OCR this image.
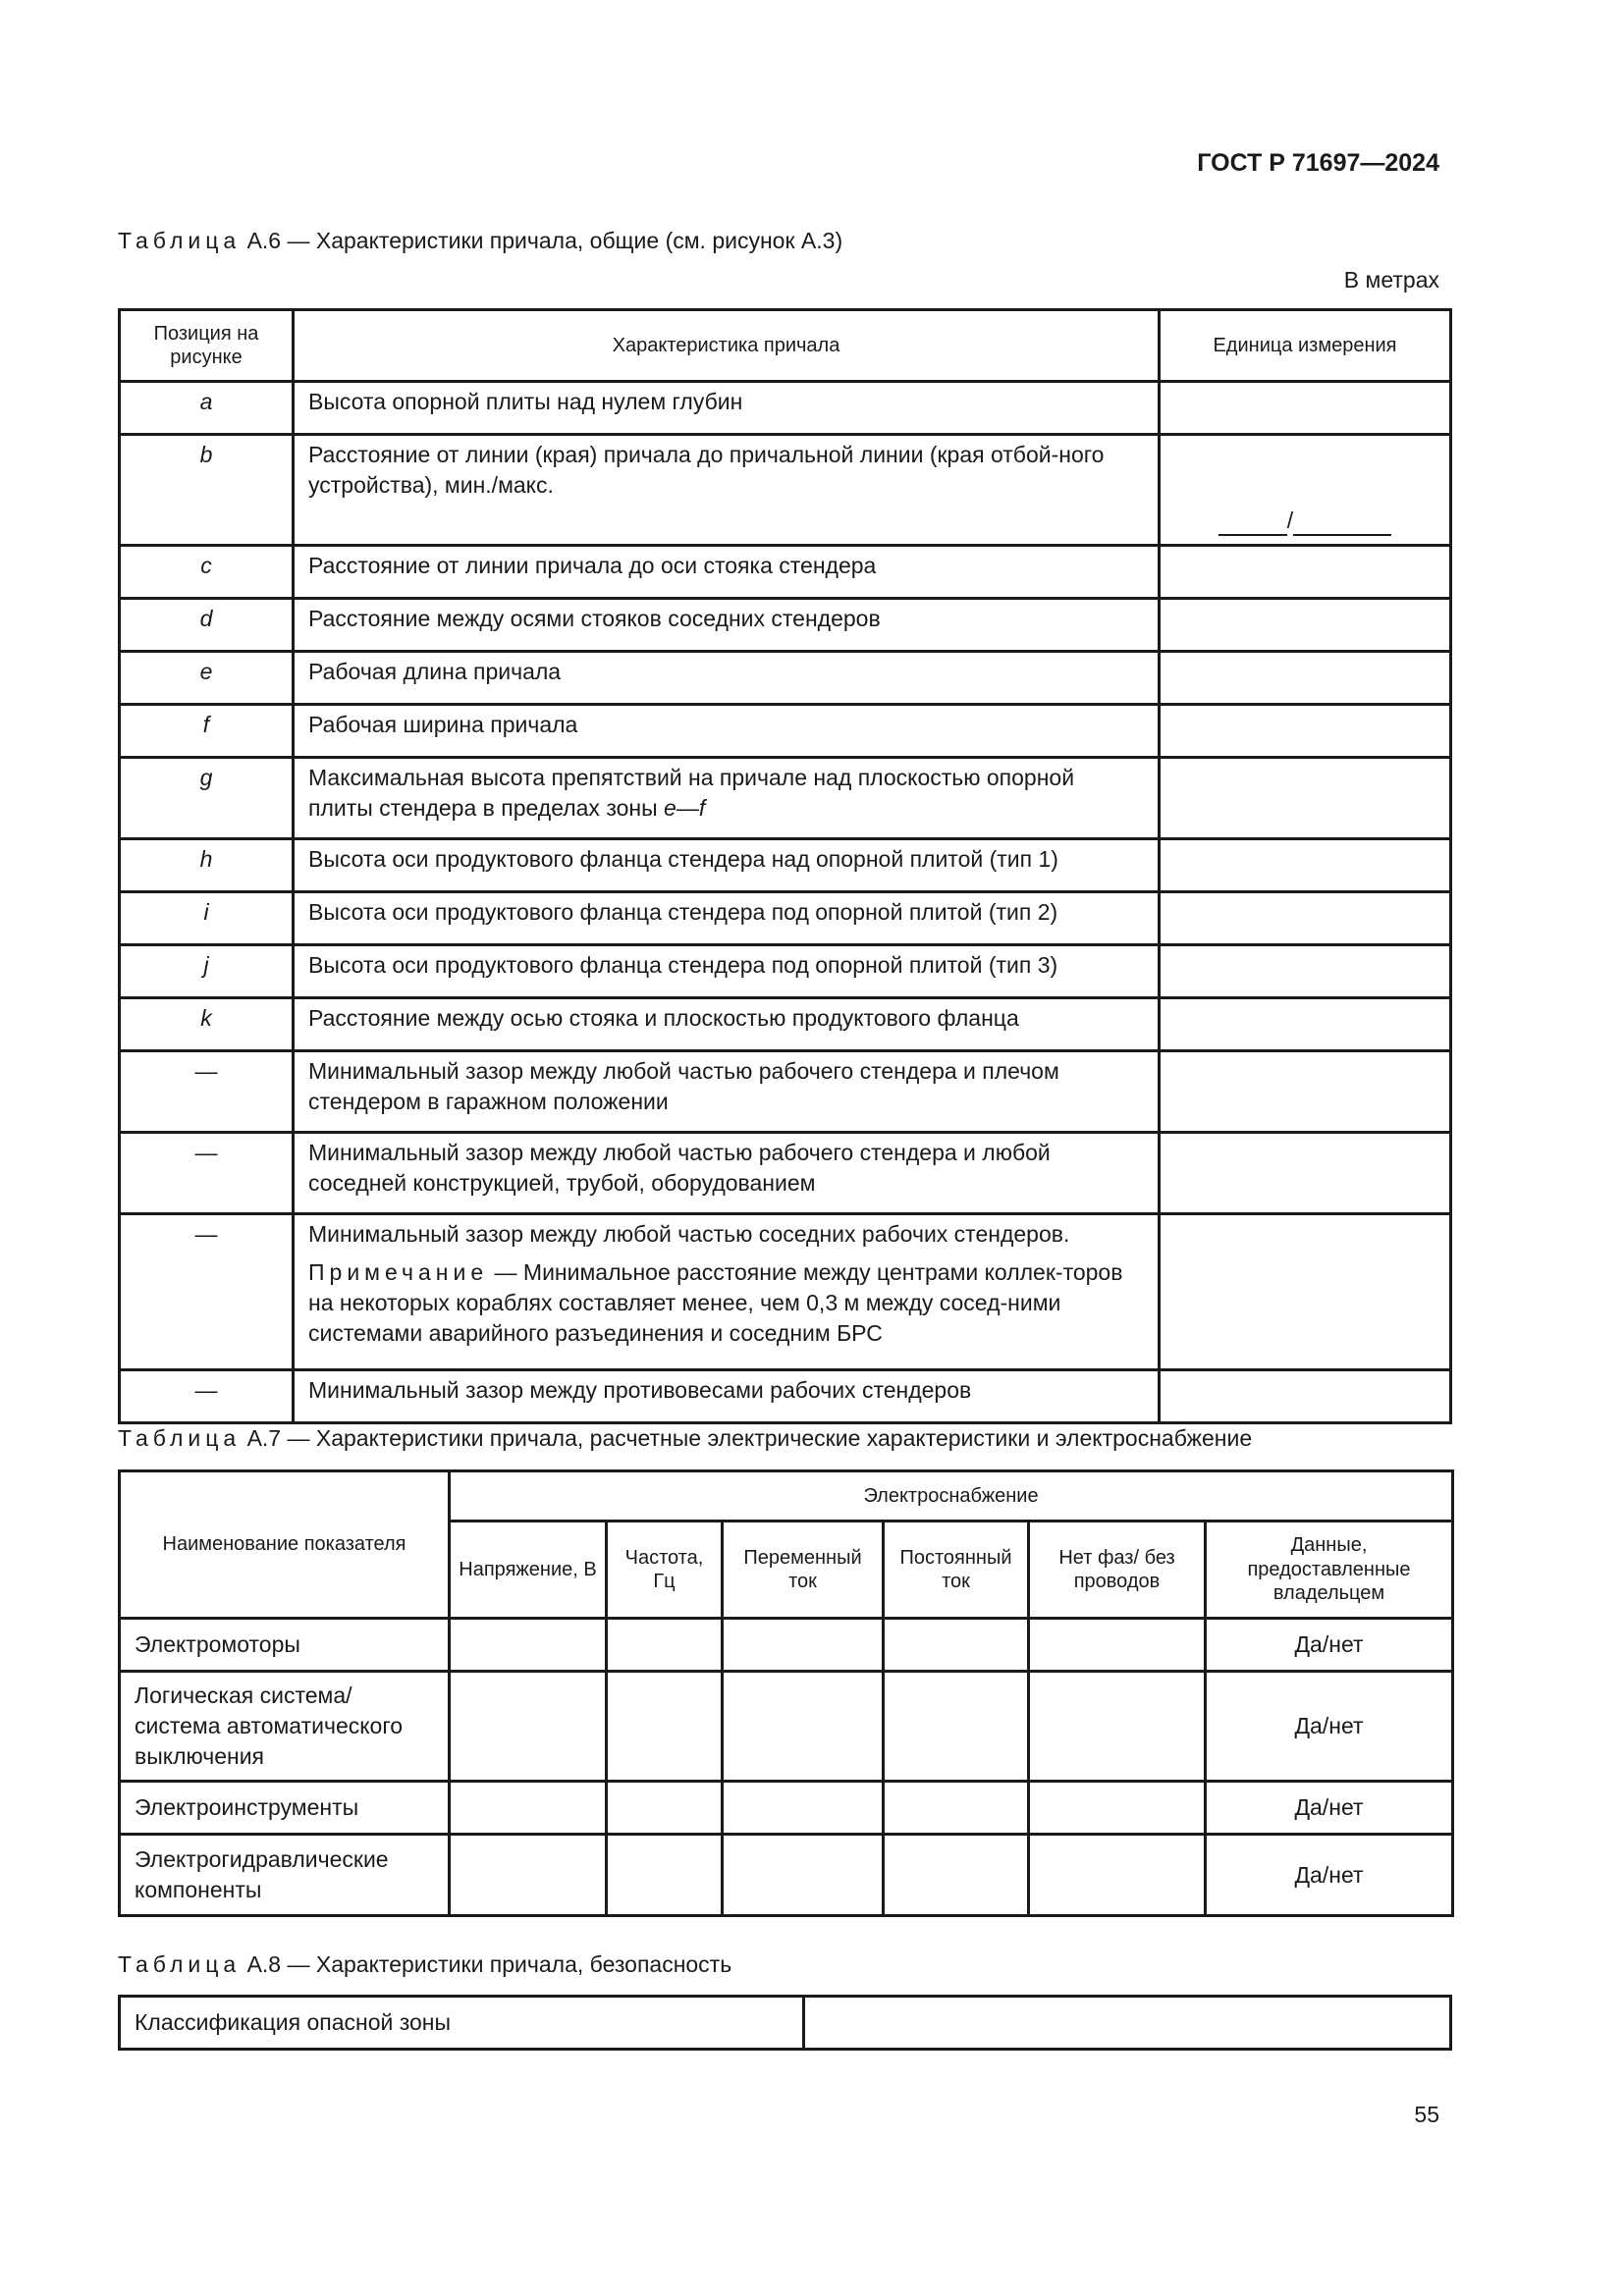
ГОСТ Р 71697—2024
Таблица А.6 — Характеристики причала, общие (см. рисунок А.3)
В метрах
Позиция на рисунке	Характеристика причала	Единица измерения
a	Высота опорной плиты над нулем глубин	
b	Расстояние от линии (края) причала до причальной линии (края отбой-ного устройства), мин./макс.	/

c	Расстояние от линии причала до оси стояка стендера	
d	Расстояние между осями стояков соседних стендеров	
e	Рабочая длина причала	
f	Рабочая ширина причала	
g	Максимальная высота препятствий на причале над плоскостью опорной плиты стендера в пределах зоны e—f	
h	Высота оси продуктового фланца стендера над опорной плитой (тип 1)	
i	Высота оси продуктового фланца стендера под опорной плитой (тип 2)	
j	Высота оси продуктового фланца стендера под опорной плитой (тип 3)	
k	Расстояние между осью стояка и плоскостью продуктового фланца	
—	Минимальный зазор между любой частью рабочего стендера и плечом стендером в гаражном положении	
—	Минимальный зазор между любой частью рабочего стендера и любой соседней конструкцией, трубой, оборудованием	
—	Минимальный зазор между любой частью соседних рабочих стендеров.
Примечание — Минимальное расстояние между центрами коллек-торов на некоторых кораблях составляет менее, чем 0,3 м между сосед-ними системами аварийного разъединения и соседним БРС	

—	Минимальный зазор между противовесами рабочих стендеров	
Таблица А.7 — Характеристики причала, расчетные электрические характеристики и электроснабжение
Наименование показателя	Электроснабжение					
	Напряжение, В	Частота, Гц	Переменный ток	Постоянный ток	Нет фаз/ без проводов	Данные, предоставленные владельцем
Электромоторы						Да/нет
Логическая система/ система автоматического выключения						Да/нет
Электроинструменты						Да/нет
Электрогидравлические компоненты						Да/нет
Таблица А.8 — Характеристики причала, безопасность
Классификация опасной зоны	
55
